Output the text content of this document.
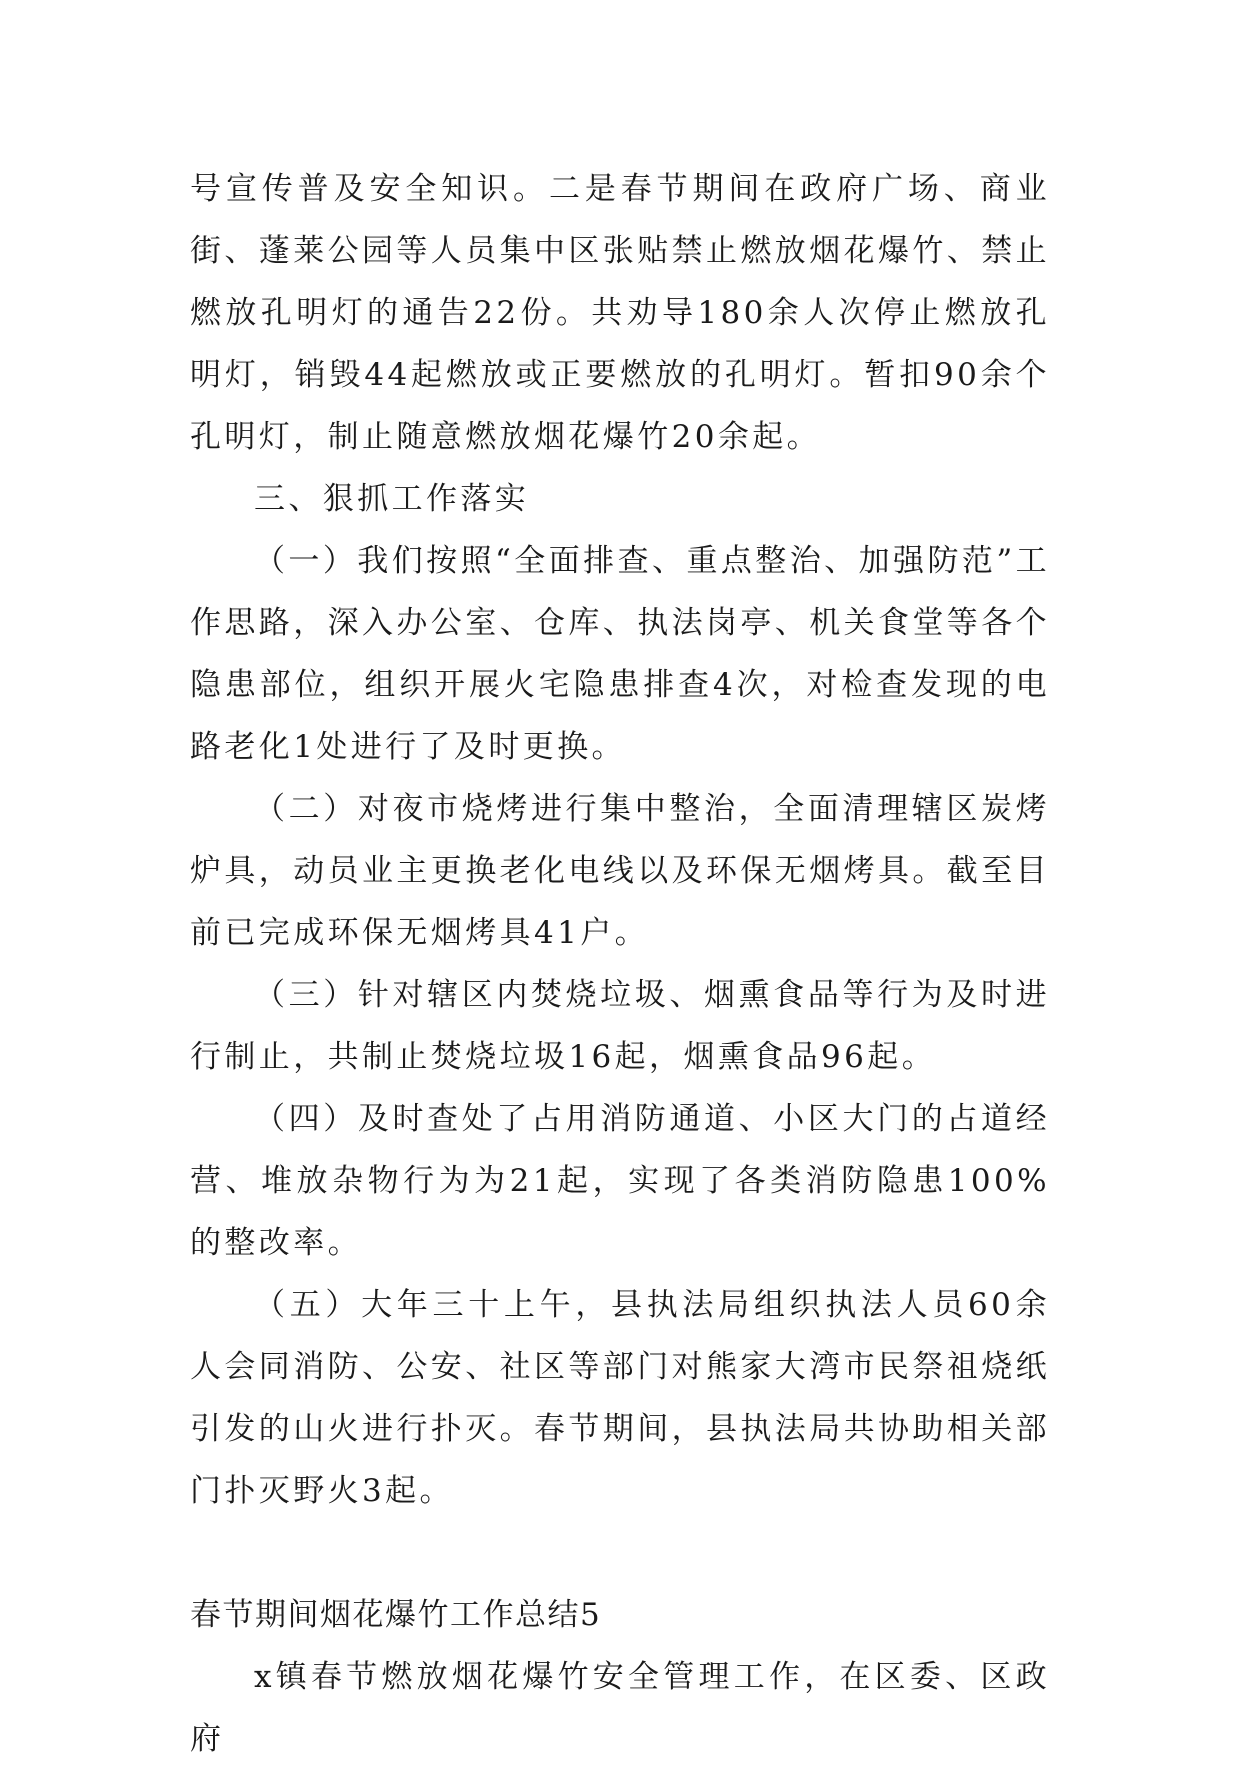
号宣传普及安全知识。二是春节期间在政府广场、商业街、蓬莱公园等人员集中区张贴禁止燃放烟花爆竹、禁止燃放孔明灯的通告22份。共劝导180余人次停止燃放孔明灯，销毁44起燃放或正要燃放的孔明灯。暂扣90余个孔明灯，制止随意燃放烟花爆竹20余起。

三、狠抓工作落实

（一）我们按照“全面排查、重点整治、加强防范”工作思路，深入办公室、仓库、执法岗亭、机关食堂等各个隐患部位，组织开展火宅隐患排查4次，对检查发现的电路老化1处进行了及时更换。

（二）对夜市烧烤进行集中整治，全面清理辖区炭烤炉具，动员业主更换老化电线以及环保无烟烤具。截至目前已完成环保无烟烤具41户。

（三）针对辖区内焚烧垃圾、烟熏食品等行为及时进行制止，共制止焚烧垃圾16起，烟熏食品96起。

（四）及时查处了占用消防通道、小区大门的占道经营、堆放杂物行为为21起，实现了各类消防隐患100%的整改率。

（五）大年三十上午，县执法局组织执法人员60余人会同消防、公安、社区等部门对熊家大湾市民祭祖烧纸引发的山火进行扑灭。春节期间，县执法局共协助相关部门扑灭野火3起。

春节期间烟花爆竹工作总结5

x镇春节燃放烟花爆竹安全管理工作，在区委、区政府
